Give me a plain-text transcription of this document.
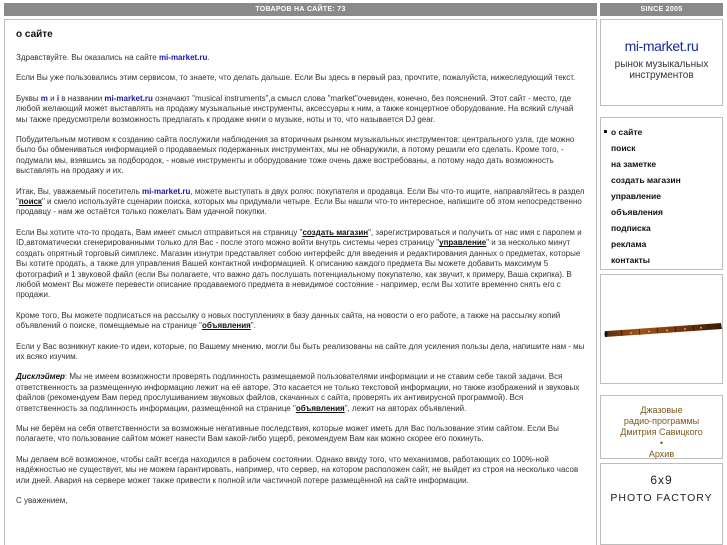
ТОВАРОВ НА САЙТЕ: 73	SINCE 2005
о сайте

Здравствуйте. Вы оказались на сайте mi-market.ru.

Если Вы уже пользовались этим сервисом, то знаете, что делать дальше. Если Вы здесь в первый раз, прочтите, пожалуйста, нижеследующий текст.

Буквы m и i в названии mi-market.ru означают "musical instruments",а смысл слова "market"очевиден, конечно, без пояснений. Этот сайт - место, где любой желающий может выставлять на продажу музыкальные инструменты, аксессуары к ним, а также концертное оборудование. На всякий случай мы также предусмотрели возможность предлагать к продаже книги о музыке, ноты и то, что называется DJ gear.

Побудительным мотивом к созданию сайта послужили наблюдения за вторичным рынком музыкальных инструментов: центрального узла, где можно было бы обмениваться информацией о продаваемых подержанных инструментах, мы не обнаружили, а потому решили его сделать. Кроме того, - подумали мы, взявшись за подбородок, - новые инструменты и оборудование тоже очень даже востребованы, а потому надо дать возможность выставлять на продажу и их.

Итак, Вы, уважаемый посетитель mi-market.ru, можете выступать в двух ролях: покупателя и продавца. Если Вы что-то ищите, направляйтесь в раздел "поиск" и смело используйте сценарии поиска, которых мы придумали четыре. Если Вы нашли что-то интересное, напишите об этом непосредственно продавцу - нам же остаётся только пожелать Вам удачной покупки.

Если Вы хотите что-то продать, Вам имеет смысл отправиться на страницу "создать магазин", зарегистрироваться и получить от нас имя с паролем и ID,автоматически сгенерированными только для Вас - после этого можно войти внутрь системы через страницу "управление" и за несколько минут создать опрятный торговый симплекс. Магазин изнутри представляет собою интерфейс для введения и редактирования данных о предметах, которые Вы хотите продать, а также для управления Вашей контактной информацией. К описанию каждого предмета Вы можете добавить максимум 5 фотографий и 1 звуковой файл (если Вы полагаете, что важно дать послушать потенциальному покупателю, как звучит, к примеру, Ваша скрипка). В любой момент Вы можете перевести описание продаваемого предмета в невидимое состояние - например, если Вы хотите временно снять его с продажи.

Кроме того, Вы можете подписаться на рассылку о новых поступлениях в базу данных сайта, на новости о его работе, а также на рассылку копий объявлений о поиске, помещаемые на странице "объявления".

Если у Вас возникнут какие-то идеи, которые, по Вашему мнению, могли бы быть реализованы на сайте для усиления пользы дела, напишите нам - мы их всяко изучим.

Дисклэймер: Мы не имеем возможности проверять подлинность размещаемой пользователями информации и не ставим себе такой задачи. Вся ответственность за размещенную информацию лежит на её авторе. Это касается не только текстовой информации, но также изображений и звуковых файлов (рекомендуем Вам перед прослушиванием звуковых файлов, скачанных с сайта, проверять их антивирусной программой). Вся ответственность за подлинность информации, размещённой на странице "объявления", лежит на авторах объявлений.

Мы не берём на себя ответственности за возможные негативные последствия, которые может иметь для Вас пользование этим сайтом. Если Вы полагаете, что пользование сайтом может нанести Вам какой-либо ущерб, рекомендуем Вам как можно скорее его покинуть.

Мы делаем всё возможное, чтобы сайт всегда находился в рабочем состоянии. Однако ввиду того, что механизмов, работающих со 100%-ной надёжностью не существует, мы не можем гарантировать, например, что сервер, на котором расположен сайт, не выйдет из строя на несколько часов или дней. Авария на сервере может также привести к полной или частичной потере размещённой на сайте информации.

С уважением,

mi-market.ru
рынок музыкальных
инструментов
о сайте
поиск
на заметке
создать магазин
управление
объявления
подписка
реклама
контакты
Джазовые
радио-программы
Дмитрия Савицкого
•
Архив
6x9
PHOTO FACTORY
